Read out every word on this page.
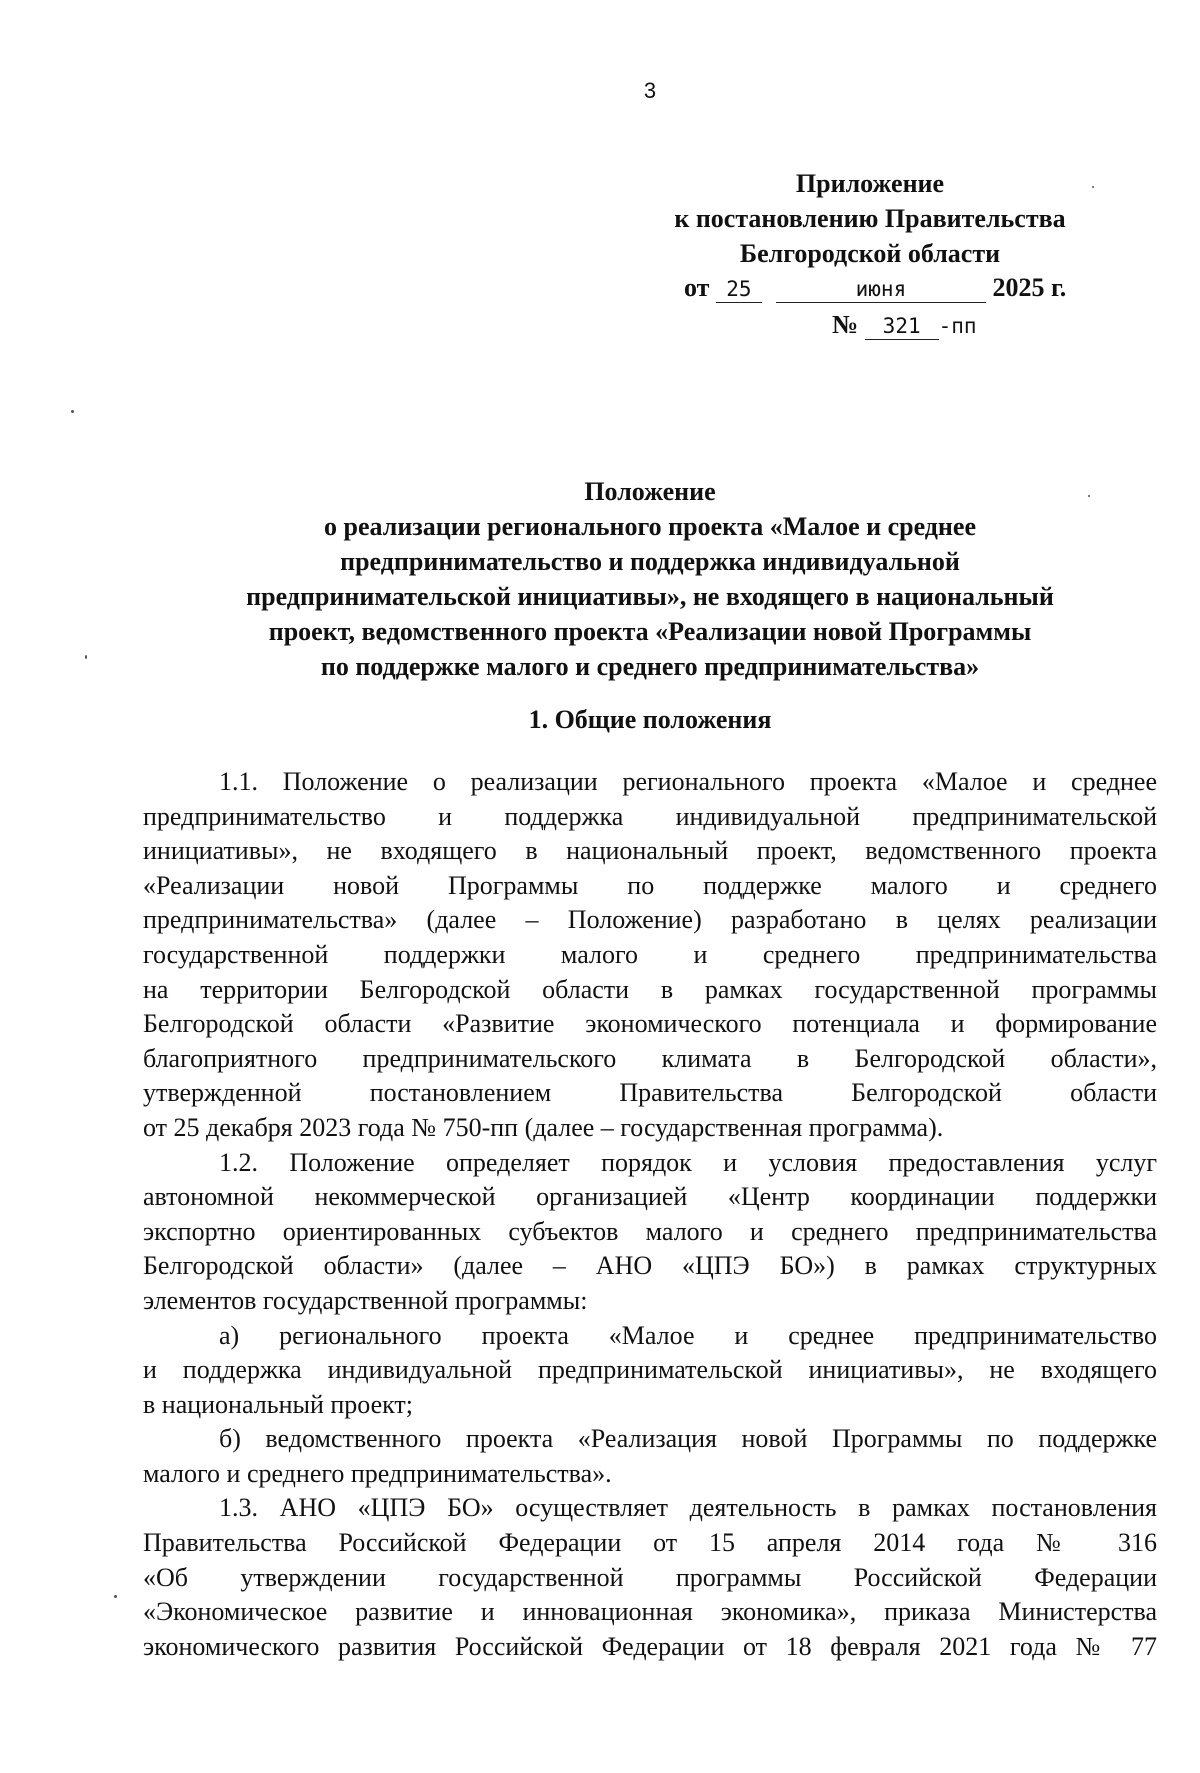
3
Приложение
к постановлению Правительства
Белгородской области
от 25	июня	2025 г.
№ 321 -пп
Положение
о реализации регионального проекта «Малое и среднее
предпринимательство и поддержка индивидуальной
предпринимательской инициативы», не входящего в национальный
проект, ведомственного проекта «Реализации новой Программы
по поддержке малого и среднего предпринимательства»
1. Общие положения
1.1. Положение о реализации регионального проекта «Малое и среднее
предпринимательство и поддержка индивидуальной предпринимательской
инициативы», не входящего в национальный проект, ведомственного проекта
«Реализации новой Программы по поддержке малого и среднего
предпринимательства» (далее – Положение) разработано в целях реализации
государственной поддержки малого и среднего предпринимательства
на территории Белгородской области в рамках государственной программы
Белгородской области «Развитие экономического потенциала и формирование
благоприятного предпринимательского климата в Белгородской области»,
утвержденной постановлением Правительства Белгородской области
от 25 декабря 2023 года № 750-пп (далее – государственная программа).
1.2. Положение определяет порядок и условия предоставления услуг
автономной некоммерческой организацией «Центр координации поддержки
экспортно ориентированных субъектов малого и среднего предпринимательства
Белгородской области» (далее – АНО «ЦПЭ БО») в рамках структурных
элементов государственной программы:
а) регионального проекта «Малое и среднее предпринимательство
и поддержка индивидуальной предпринимательской инициативы», не входящего
в национальный проект;
б) ведомственного проекта «Реализация новой Программы по поддержке
малого и среднего предпринимательства».
1.3. АНО «ЦПЭ БО» осуществляет деятельность в рамках постановления
Правительства Российской Федерации от 15 апреля 2014 года № 316
«Об утверждении государственной программы Российской Федерации
«Экономическое развитие и инновационная экономика», приказа Министерства
экономического развития Российской Федерации от 18 февраля 2021 года № 77
